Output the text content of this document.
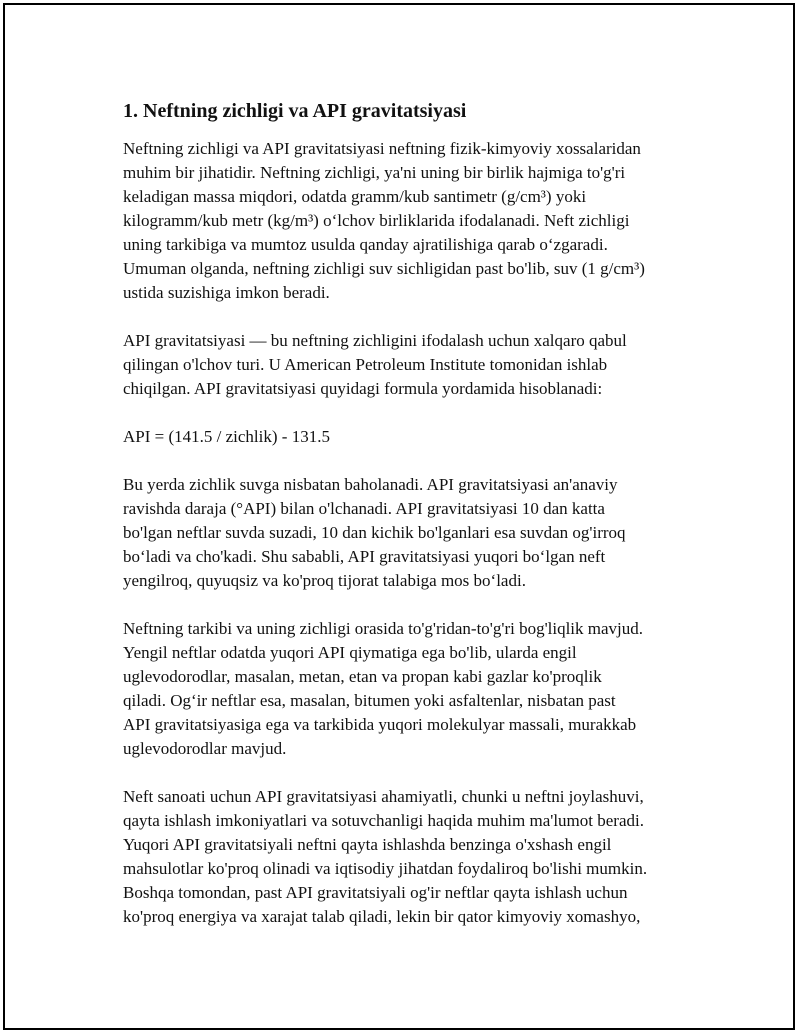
1. Neftning zichligi va API gravitatsiyasi

Neftning zichligi va API gravitatsiyasi neftning fizik-kimyoviy xossalaridan
muhim bir jihatidir. Neftning zichligi, ya'ni uning bir birlik hajmiga to'g'ri
keladigan massa miqdori, odatda gramm/kub santimetr (g/cm³) yoki
kilogramm/kub metr (kg/m³) o‘lchov birliklarida ifodalanadi. Neft zichligi
uning tarkibiga va mumtoz usulda qanday ajratilishiga qarab o‘zgaradi.
Umuman olganda, neftning zichligi suv sichligidan past bo'lib, suv (1 g/cm³)
ustida suzishiga imkon beradi.

API gravitatsiyasi — bu neftning zichligini ifodalash uchun xalqaro qabul
qilingan o'lchov turi. U American Petroleum Institute tomonidan ishlab
chiqilgan. API gravitatsiyasi quyidagi formula yordamida hisoblanadi:

API = (141.5 / zichlik) - 131.5

Bu yerda zichlik suvga nisbatan baholanadi. API gravitatsiyasi an'anaviy
ravishda daraja (°API) bilan o'lchanadi. API gravitatsiyasi 10 dan katta
bo'lgan neftlar suvda suzadi, 10 dan kichik bo'lganlari esa suvdan og'irroq
bo‘ladi va cho'kadi. Shu sababli, API gravitatsiyasi yuqori bo‘lgan neft
yengilroq, quyuqsiz va ko'proq tijorat talabiga mos bo‘ladi.

Neftning tarkibi va uning zichligi orasida to'g'ridan-to'g'ri bog'liqlik mavjud.
Yengil neftlar odatda yuqori API qiymatiga ega bo'lib, ularda engil
uglevodorodlar, masalan, metan, etan va propan kabi gazlar ko'proqlik
qiladi. Og‘ir neftlar esa, masalan, bitumen yoki asfaltenlar, nisbatan past
API gravitatsiyasiga ega va tarkibida yuqori molekulyar massali, murakkab
uglevodorodlar mavjud.

Neft sanoati uchun API gravitatsiyasi ahamiyatli, chunki u neftni joylashuvi,
qayta ishlash imkoniyatlari va sotuvchanligi haqida muhim ma'lumot beradi.
Yuqori API gravitatsiyali neftni qayta ishlashda benzinga o'xshash engil
mahsulotlar ko'proq olinadi va iqtisodiy jihatdan foydaliroq bo'lishi mumkin.
Boshqa tomondan, past API gravitatsiyali og'ir neftlar qayta ishlash uchun
ko'proq energiya va xarajat talab qiladi, lekin bir qator kimyoviy xomashyo,
